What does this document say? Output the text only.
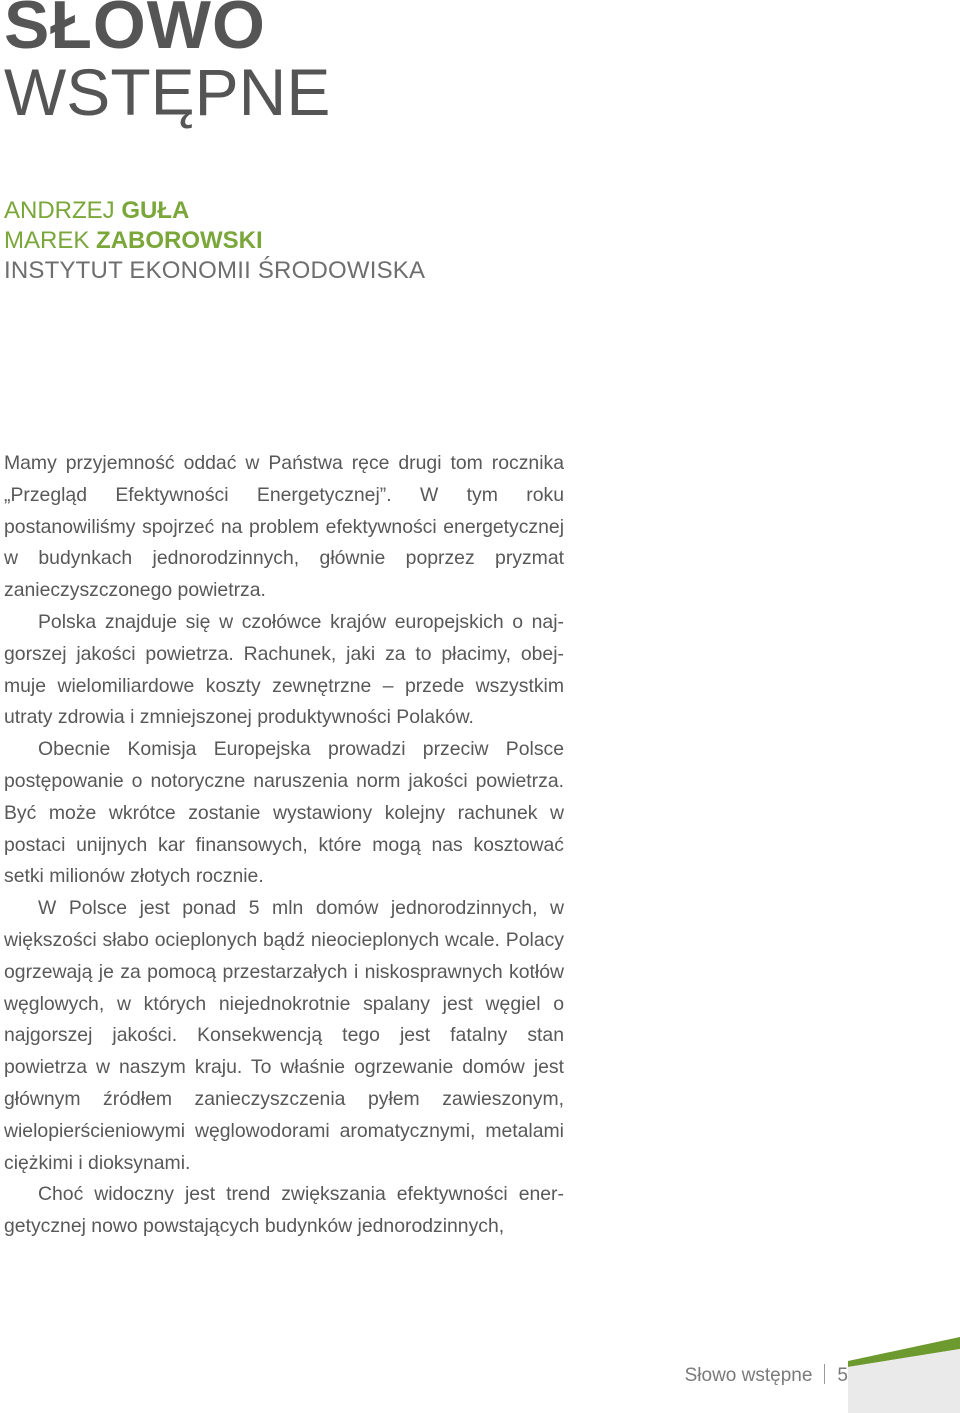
SŁOWO
WSTĘPNE
ANDRZEJ GUŁA
MAREK ZABOROWSKI
INSTYTUT EKONOMII ŚRODOWISKA

Mamy przyjemność oddać w Państwa ręce drugi tom rocznika „Przegląd Efektywności Energetycznej”. W tym roku postanowiliśmy spojrzeć na problem efektywności energetycznej w budynkach jednorodzinnych, głównie poprzez pryzmat zanieczyszczonego powietrza.

Polska znajduje się w czołówce krajów europejskich o najgorszej jakości powietrza. Rachunek, jaki za to płacimy, obejmuje wielomiliardowe koszty zewnętrzne – przede wszystkim utraty zdrowia i zmniejszonej produktywności Polaków.

Obecnie Komisja Europejska prowadzi przeciw Polsce postępowanie o notoryczne naruszenia norm jakości powietrza. Być może wkrótce zostanie wystawiony kolejny rachunek w postaci unijnych kar finansowych, które mogą nas kosztować setki milionów złotych rocznie.

W Polsce jest ponad 5 mln domów jednorodzinnych, w większości słabo ocieplonych bądź nieocieplonych wcale. Polacy ogrzewają je za pomocą przestarzałych i niskosprawnych kotłów węglowych, w których niejednokrotnie spalany jest węgiel o najgorszej jakości. Konsekwencją tego jest fatalny stan powietrza w naszym kraju. To właśnie ogrzewanie domów jest głównym źródłem zanieczyszczenia pyłem zawieszonym, wielopierścieniowymi węglowodorami aromatycznymi, metalami ciężkimi i dioksynami.

Choć widoczny jest trend zwiększania efektywności energetycznej nowo powstających budynków jednorodzinnych,

Słowo wstępne 5
